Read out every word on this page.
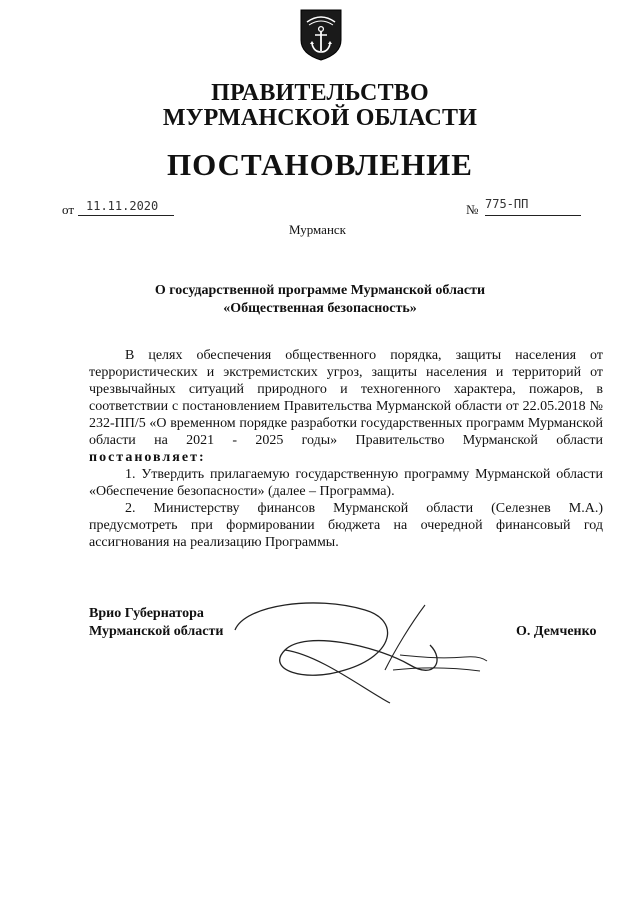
ПРАВИТЕЛЬСТВО
МУРМАНСКОЙ ОБЛАСТИ
ПОСТАНОВЛЕНИЕ
от 11.11.2020	№ 775-ПП
Мурманск
О государственной программе Мурманской области
«Общественная безопасность»

В целях обеспечения общественного порядка, защиты населения от террористических и экстремистских угроз, защиты населения и территорий от чрезвычайных ситуаций природного и техногенного характера, пожаров, в соответствии с постановлением Правительства Мурманской области от 22.05.2018 № 232-ПП/5 «О временном порядке разработки государственных программ Мурманской области на 2021 - 2025 годы» Правительство Мурманской области постановляет:

1. Утвердить прилагаемую государственную программу Мурманской области «Обеспечение безопасности» (далее – Программа).

2. Министерству финансов Мурманской области (Селезнев М.А.) предусмотреть при формировании бюджета на очередной финансовый год ассигнования на реализацию Программы.

Врио Губернатора
Мурманской области	О. Демченко
